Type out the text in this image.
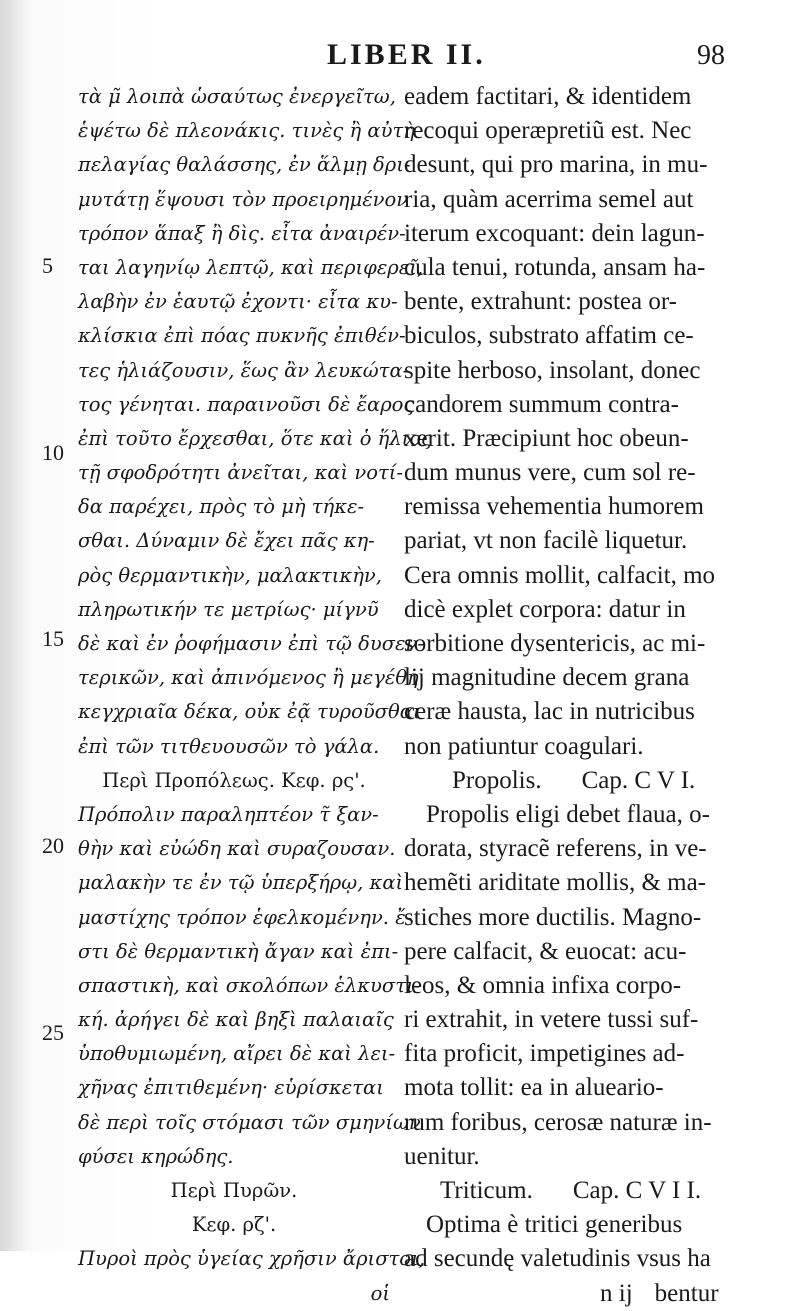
LIBER II.	98
5
10
15
20
25
τὰ μ̃ λοιπὰ ὡσαύτως ἐνεργεῖτω,
ἑψέτω δὲ πλεονάκις. τινὲς ἢ αὐτὴ
πελαγίας θαλάσσης, ἐν ἅλμῃ δρι-
μυτάτῃ ἕψουσι τὸν προειρημένον
τρόπον ἅπαξ ἢ δὶς. εἶτα ἀναιρέν-
ται λαγηνίῳ λεπτῷ, καὶ περιφερεῖ,
λαβὴν ἐν ἑαυτῷ ἐχοντι· εἶτα κυ-
κλίσκια ἐπὶ πόας πυκνῆς ἐπιθέν-
τες ἡλιάζουσιν, ἕως ἂν λευκώτα-
τος γένηται. παραινοῦσι δὲ ἔαρος
ἐπὶ τοῦτο ἔρχεσθαι, ὅτε καὶ ὁ ἥλιος
τῇ σφοδρότητι ἀνεῖται, καὶ νοτί-
δα παρέχει, πρὸς τὸ μὴ τήκε-
σθαι. Δύναμιν δὲ ἔχει πᾶς κη-
ρὸς θερμαντικὴν, μαλακτικὴν,
πληρωτικήν τε μετρίως· μίγνυ̃
δὲ καὶ ἐν ῥοφήμασιν ἐπὶ τῷ δυσεν-
τερικῶν, καὶ ἀπινόμενος ἢ μεγέθη
κεγχριαῖα δέκα, οὐκ ἐᾷ τυροῦσθαι
ἐπὶ τῶν τιτθευουσῶν τὸ γάλα.
Περὶ Προπόλεως. Κεφ. ρς'.
Πρόπολιν παραληπτέον τ̃ ξαν-
θὴν καὶ εὐώδη καὶ συραζουσαν.
μαλακὴν τε ἐν τῷ ὑπερξήρῳ, καὶ
μαστίχης τρόπον ἑφελκομένην. ἔ-
στι δὲ θερμαντικὴ ἄγαν καὶ ἐπι-
σπαστικὴ, καὶ σκολόπων ἑλκυστι-
κή. ἀρήγει δὲ καὶ βηξὶ παλαιαῖς
ὑποθυμιωμένη, αἴρει δὲ καὶ λει-
χῆνας ἐπιτιθεμένη· εὑρίσκεται
δὲ περὶ τοῖς στόμασι τῶν σμηνίων
φύσει κηρώδης.
Περὶ Πυρῶν.
Κεφ. ρζ'.
Πυροὶ πρὸς ὑγείας χρῆσιν ἄριστοι,
οἱ
eadem factitari, & identidem
recoqui operæpretiũ est. Nec
desunt, qui pro marina, in mu-
ria, quàm acerrima semel aut
iterum excoquant: dein lagun-
cula tenui, rotunda, ansam ha-
bente, extrahunt: postea or-
biculos, substrato affatim ce-
spite herboso, insolant, donec
candorem summum contra-
xerit. Præcipiunt hoc obeun-
dum munus vere, cum sol re-
remissa vehementia humorem
pariat, vt non facilè liquetur.
Cera omnis mollit, calfacit, mo
dicè explet corpora: datur in
sorbitione dysentericis, ac mi-
lij magnitudine decem grana
ceræ hausta, lac in nutricibus
non patiuntur coagulari.
Propolis. Cap. C V I.
Propolis eligi debet flaua, o-
dorata, styracẽ referens, in ve-
hemẽti ariditate mollis, & ma-
stiches more ductilis. Magno-
pere calfacit, & euocat: acu-
leos, & omnia infixa corpo-
ri extrahit, in vetere tussi suf-
fita proficit, impetigines ad-
mota tollit: ea in alueario-
rum foribus, cerosæ naturæ in-
uenitur.
Triticum. Cap. C V I I.
Optima è tritici generibus
ad secundę valetudinis vsus ha
n ij bentur
